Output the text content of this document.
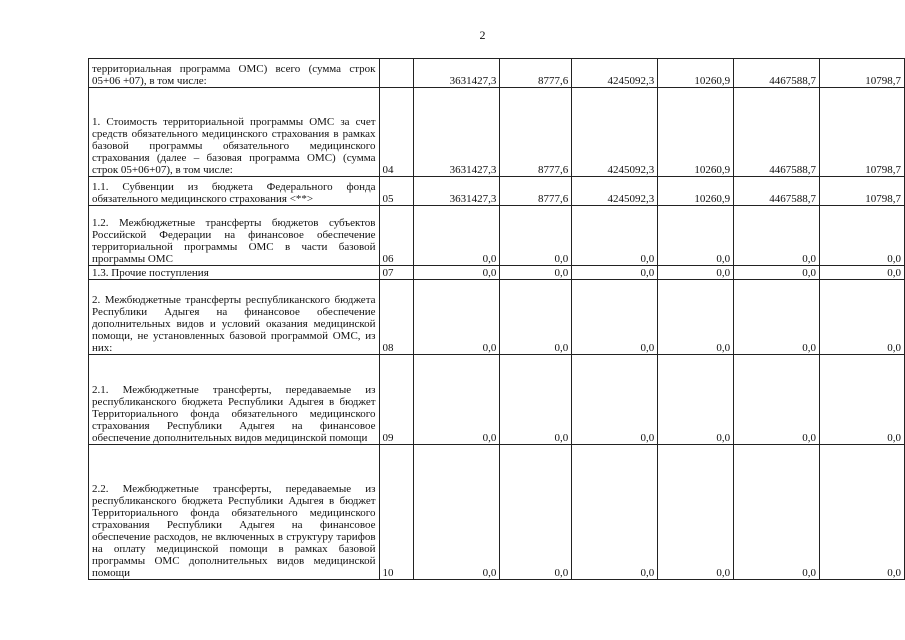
2
территориальная программа ОМС) всего (сумма строк 05+06 +07), в том числе:		3631427,3	8777,6	4245092,3	10260,9	4467588,7	10798,7
1. Стоимость территориальной программы ОМС за счет средств обязательного медицинского страхования в рамках базовой программы обязательного медицинского страхования (далее – базовая программа ОМС) (сумма строк 05+06+07), в том числе:	04	3631427,3	8777,6	4245092,3	10260,9	4467588,7	10798,7
1.1. Субвенции из бюджета Федерального фонда обязательного медицинского страхования <**>	05	3631427,3	8777,6	4245092,3	10260,9	4467588,7	10798,7
1.2. Межбюджетные трансферты бюджетов субъектов Российской Федерации на финансовое обеспечение территориальной программы ОМС в части базовой программы ОМС	06	0,0	0,0	0,0	0,0	0,0	0,0
1.3. Прочие поступления	07	0,0	0,0	0,0	0,0	0,0	0,0
2. Межбюджетные трансферты республиканского бюджета Республики Адыгея на финансовое обеспечение дополнительных видов и условий оказания медицинской помощи, не установленных базовой программой ОМС, из них:	08	0,0	0,0	0,0	0,0	0,0	0,0
2.1. Межбюджетные трансферты, передаваемые из республиканского бюджета Республики Адыгея в бюджет Территориального фонда обязательного медицинского страхования Республики Адыгея на финансовое обеспечение дополнительных видов медицинской помощи	09	0,0	0,0	0,0	0,0	0,0	0,0
2.2. Межбюджетные трансферты, передаваемые из республиканского бюджета Республики Адыгея в бюджет Территориального фонда обязательного медицинского страхования Республики Адыгея на финансовое обеспечение расходов, не включенных в структуру тарифов на оплату медицинской помощи в рамках базовой программы ОМС дополнительных видов медицинской помощи	10	0,0	0,0	0,0	0,0	0,0	0,0
